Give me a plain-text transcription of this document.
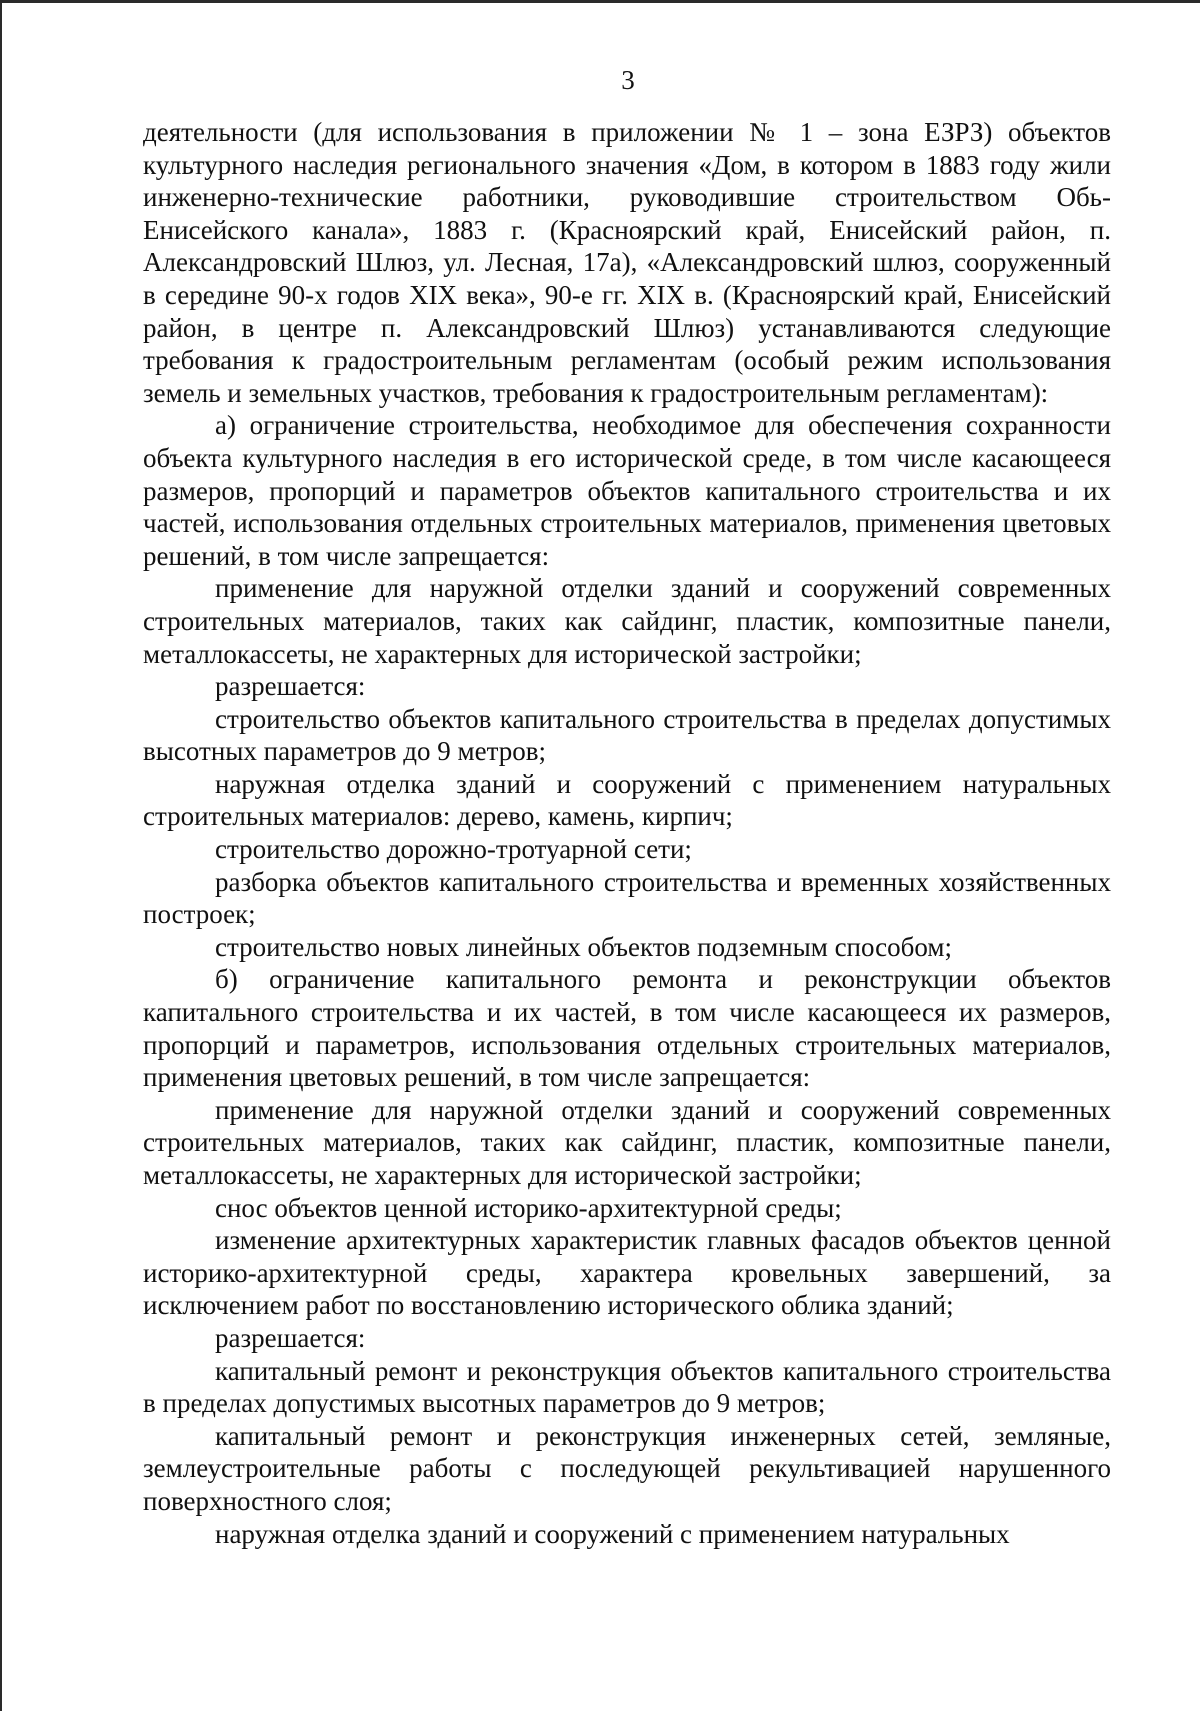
3

деятельности (для использования в приложении № 1 – зона ЕЗРЗ) объектов культурного наследия регионального значения «Дом, в котором в 1883 году жили инженерно-технические работники, руководившие строительством Обь-Енисейского канала», 1883 г. (Красноярский край, Енисейский район, п. Александровский Шлюз, ул. Лесная, 17а), «Александровский шлюз, сооруженный в середине 90-х годов XIX века», 90-е гг. XIX в. (Красноярский край, Енисейский район, в центре п. Александровский Шлюз) устанавливаются следующие требования к градостроительным регламентам (особый режим использования земель и земельных участков, требования к градостроительным регламентам):

а) ограничение строительства, необходимое для обеспечения сохранности объекта культурного наследия в его исторической среде, в том числе касающееся размеров, пропорций и параметров объектов капитального строительства и их частей, использования отдельных строительных материалов, применения цветовых решений, в том числе запрещается:

применение для наружной отделки зданий и сооружений современных строительных материалов, таких как сайдинг, пластик, композитные панели, металлокассеты, не характерных для исторической застройки;

разрешается:

строительство объектов капитального строительства в пределах допустимых высотных параметров до 9 метров;

наружная отделка зданий и сооружений с применением натуральных строительных материалов: дерево, камень, кирпич;

строительство дорожно-тротуарной сети;

разборка объектов капитального строительства и временных хозяйственных построек;

строительство новых линейных объектов подземным способом;

б) ограничение капитального ремонта и реконструкции объектов капитального строительства и их частей, в том числе касающееся их размеров, пропорций и параметров, использования отдельных строительных материалов, применения цветовых решений, в том числе запрещается:

применение для наружной отделки зданий и сооружений современных строительных материалов, таких как сайдинг, пластик, композитные панели, металлокассеты, не характерных для исторической застройки;

снос объектов ценной историко-архитектурной среды;

изменение архитектурных характеристик главных фасадов объектов ценной историко-архитектурной среды, характера кровельных завершений, за исключением работ по восстановлению исторического облика зданий;

разрешается:

капитальный ремонт и реконструкция объектов капитального строительства в пределах допустимых высотных параметров до 9 метров;

капитальный ремонт и реконструкция инженерных сетей, земляные, землеустроительные работы с последующей рекультивацией нарушенного поверхностного слоя;

наружная отделка зданий и сооружений с применением натуральных
